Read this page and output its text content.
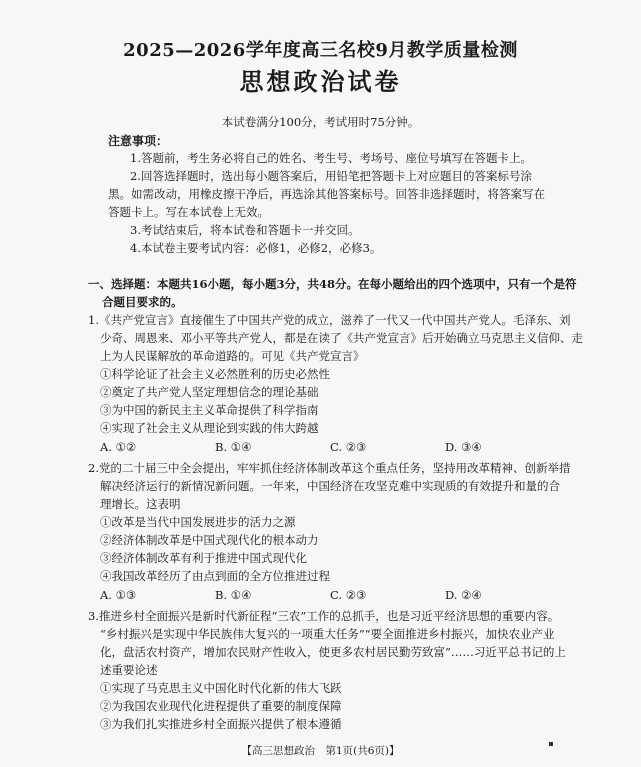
2025—2026学年度高三名校9月教学质量检测
思想政治试卷
本试卷满分100分，考试用时75分钟。
注意事项：
1.答题前，考生务必将自己的姓名、考生号、考场号、座位号填写在答题卡上。
2.回答选择题时，选出每小题答案后，用铅笔把答题卡上对应题目的答案标号涂
黑。如需改动，用橡皮擦干净后，再选涂其他答案标号。回答非选择题时，将答案写在
答题卡上。写在本试卷上无效。
3.考试结束后，将本试卷和答题卡一并交回。
4.本试卷主要考试内容：必修1，必修2，必修3。
一、选择题：本题共16小题，每小题3分，共48分。在每小题给出的四个选项中，只有一个是符
合题目要求的。
1.《共产党宣言》直接催生了中国共产党的成立，滋养了一代又一代中国共产党人。毛泽东、刘
少奇、周恩来、邓小平等共产党人，都是在读了《共产党宣言》后开始确立马克思主义信仰、走
上为人民谋解放的革命道路的。可见《共产党宣言》
①科学论证了社会主义必然胜利的历史必然性
②奠定了共产党人坚定理想信念的理论基础
③为中国的新民主主义革命提供了科学指南
④实现了社会主义从理论到实践的伟大跨越
A. ①②	B. ①④	C. ②③	D. ③④
2.党的二十届三中全会提出，牢牢抓住经济体制改革这个重点任务，坚持用改革精神、创新举措
解决经济运行的新情况新问题。一年来，中国经济在攻坚克难中实现质的有效提升和量的合
理增长。这表明
①改革是当代中国发展进步的活力之源
②经济体制改革是中国式现代化的根本动力
③经济体制改革有利于推进中国式现代化
④我国改革经历了由点到面的全方位推进过程
A. ①③	B. ①④	C. ②③	D. ②④
3.推进乡村全面振兴是新时代新征程“三农”工作的总抓手，也是习近平经济思想的重要内容。
“乡村振兴是实现中华民族伟大复兴的一项重大任务”“要全面推进乡村振兴，加快农业产业
化，盘活农村资产，增加农民财产性收入，使更多农村居民勤劳致富”……习近平总书记的上
述重要论述
①实现了马克思主义中国化时代化新的伟大飞跃
②为我国农业现代化进程提供了重要的制度保障
③为我们扎实推进乡村全面振兴提供了根本遵循
【高三思想政治　第1页(共6页)】
